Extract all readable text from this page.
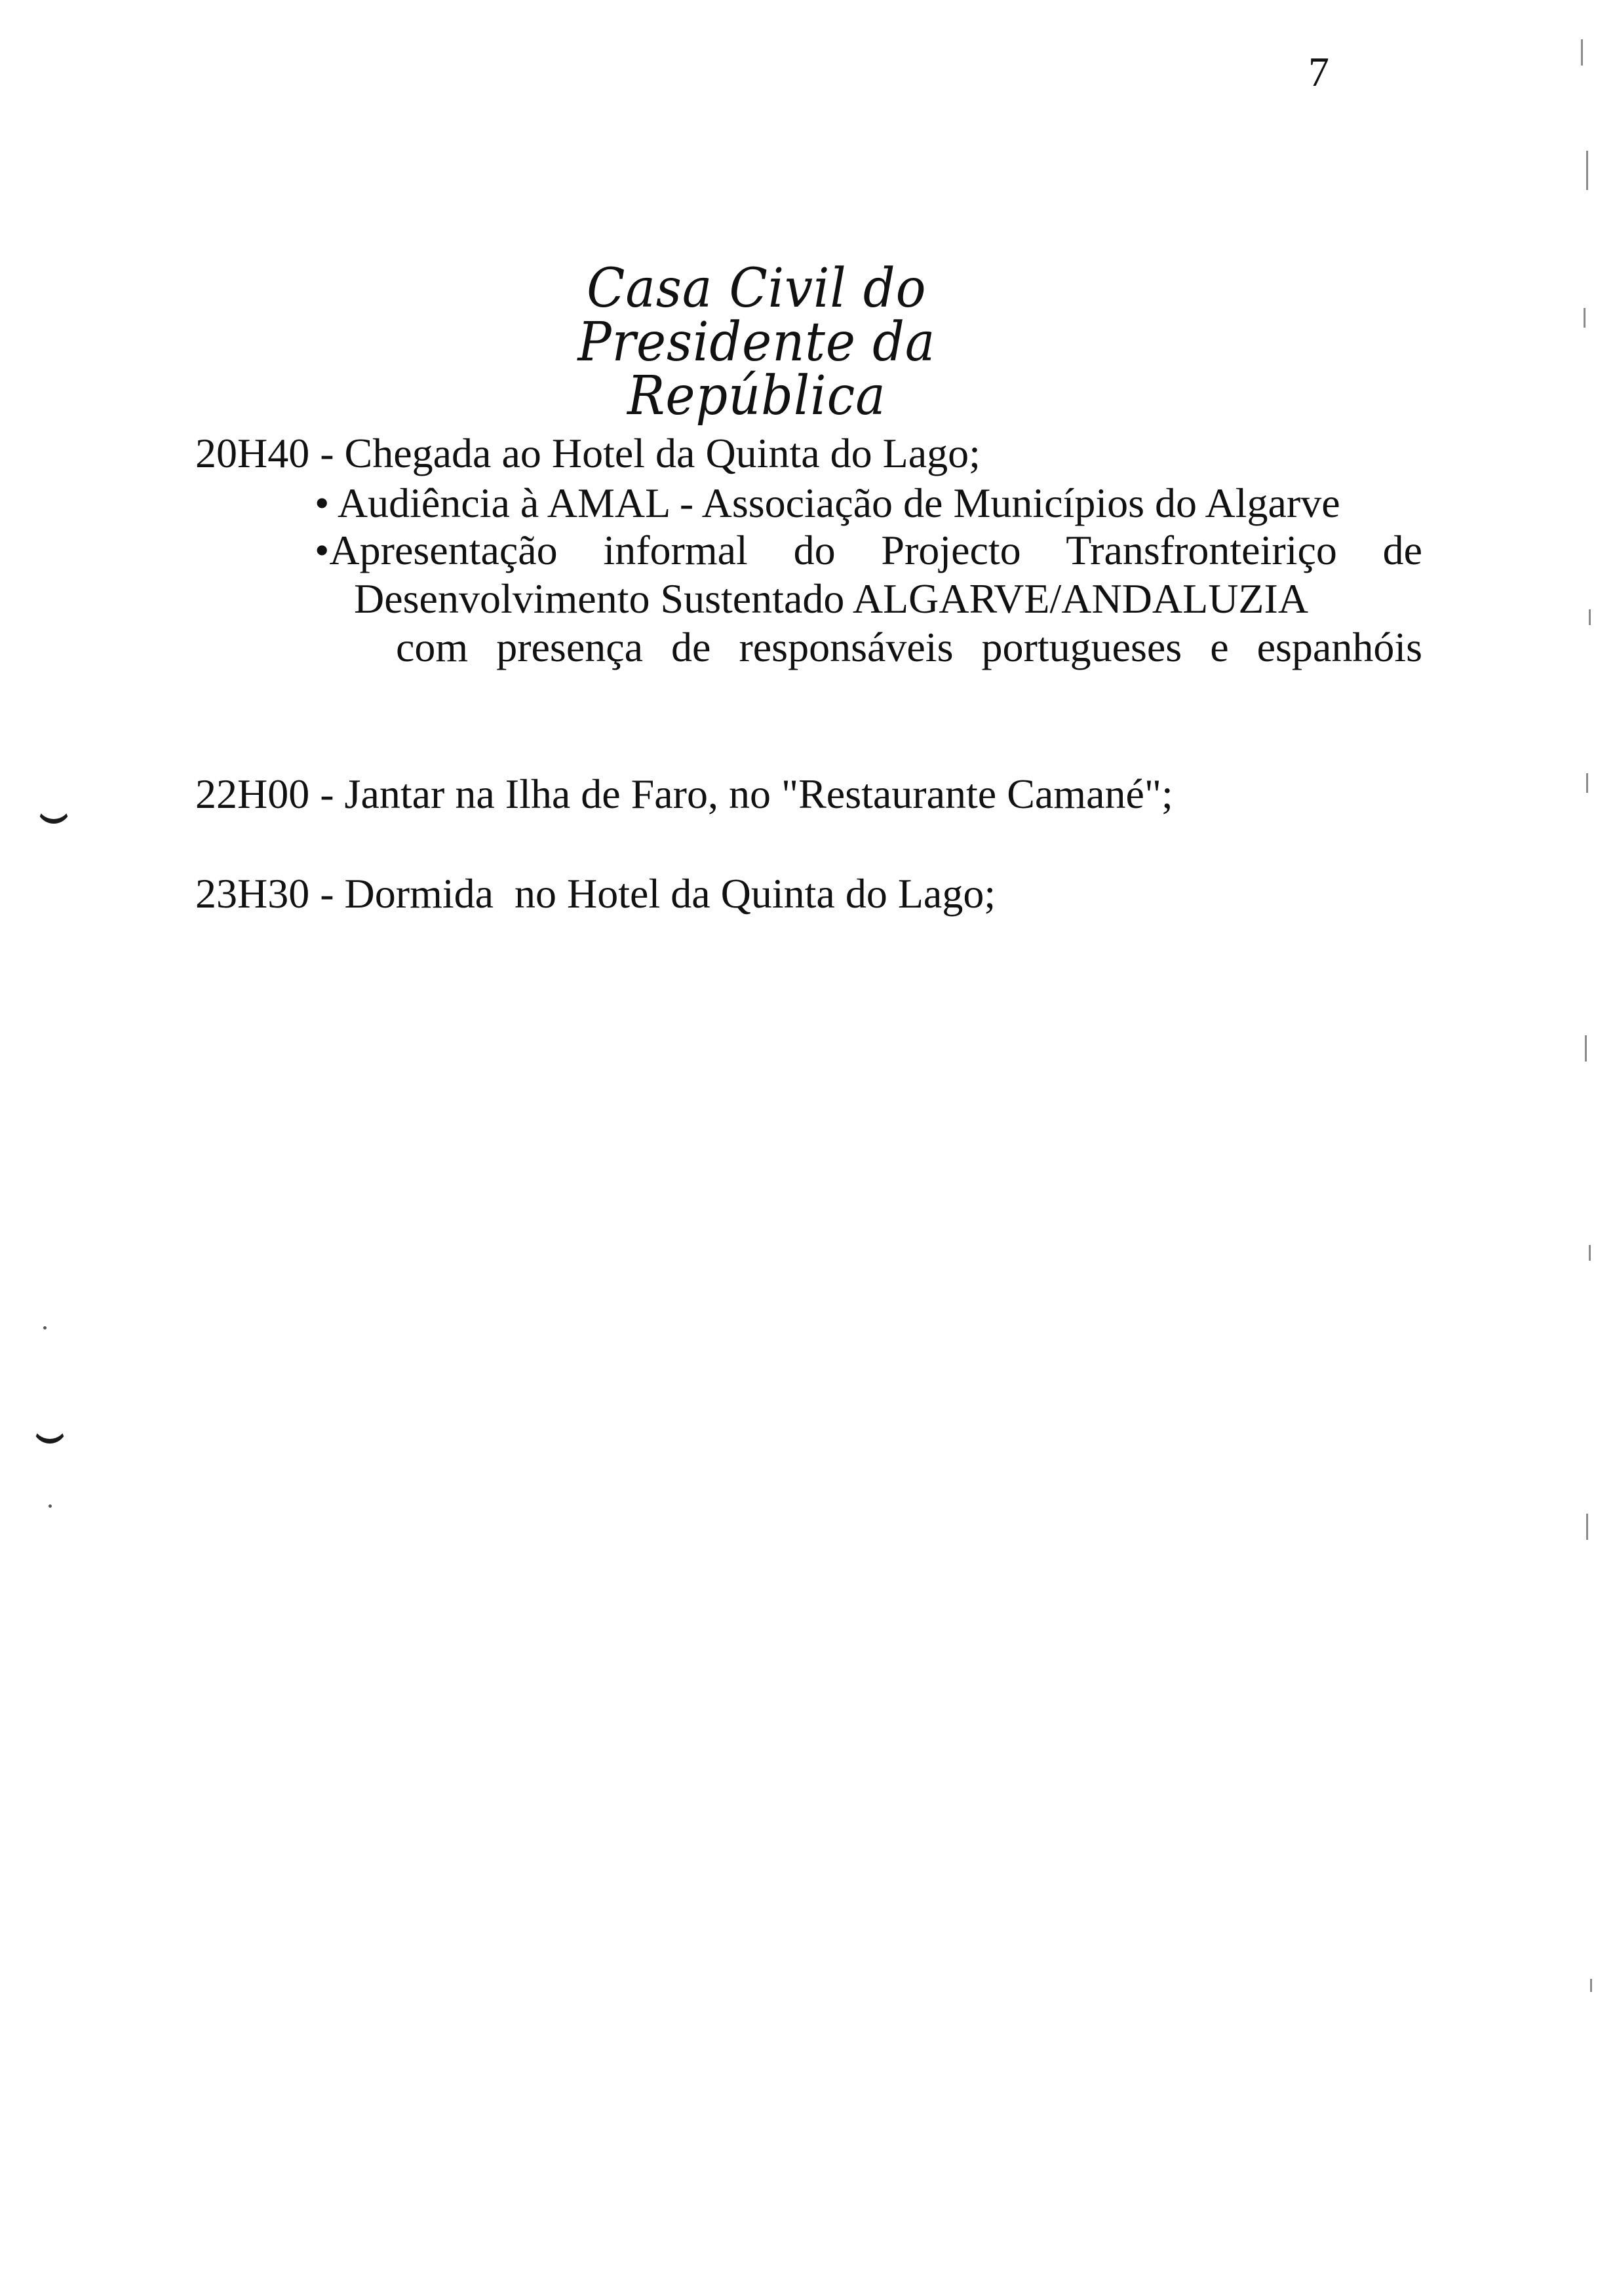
7
Casa Civil do Presidente da República
20H40 - Chegada ao Hotel da Quinta do Lago;
• Audiência à AMAL - Associação de Municípios do Algarve
•Apresentação informal do Projecto Transfronteiriço de
Desenvolvimento Sustentado ALGARVE/ANDALUZIA
com presença de responsáveis portugueses e espanhóis
22H00 - Jantar na Ilha de Faro, no "Restaurante Camané";
23H30 - Dormida  no Hotel da Quinta do Lago;
